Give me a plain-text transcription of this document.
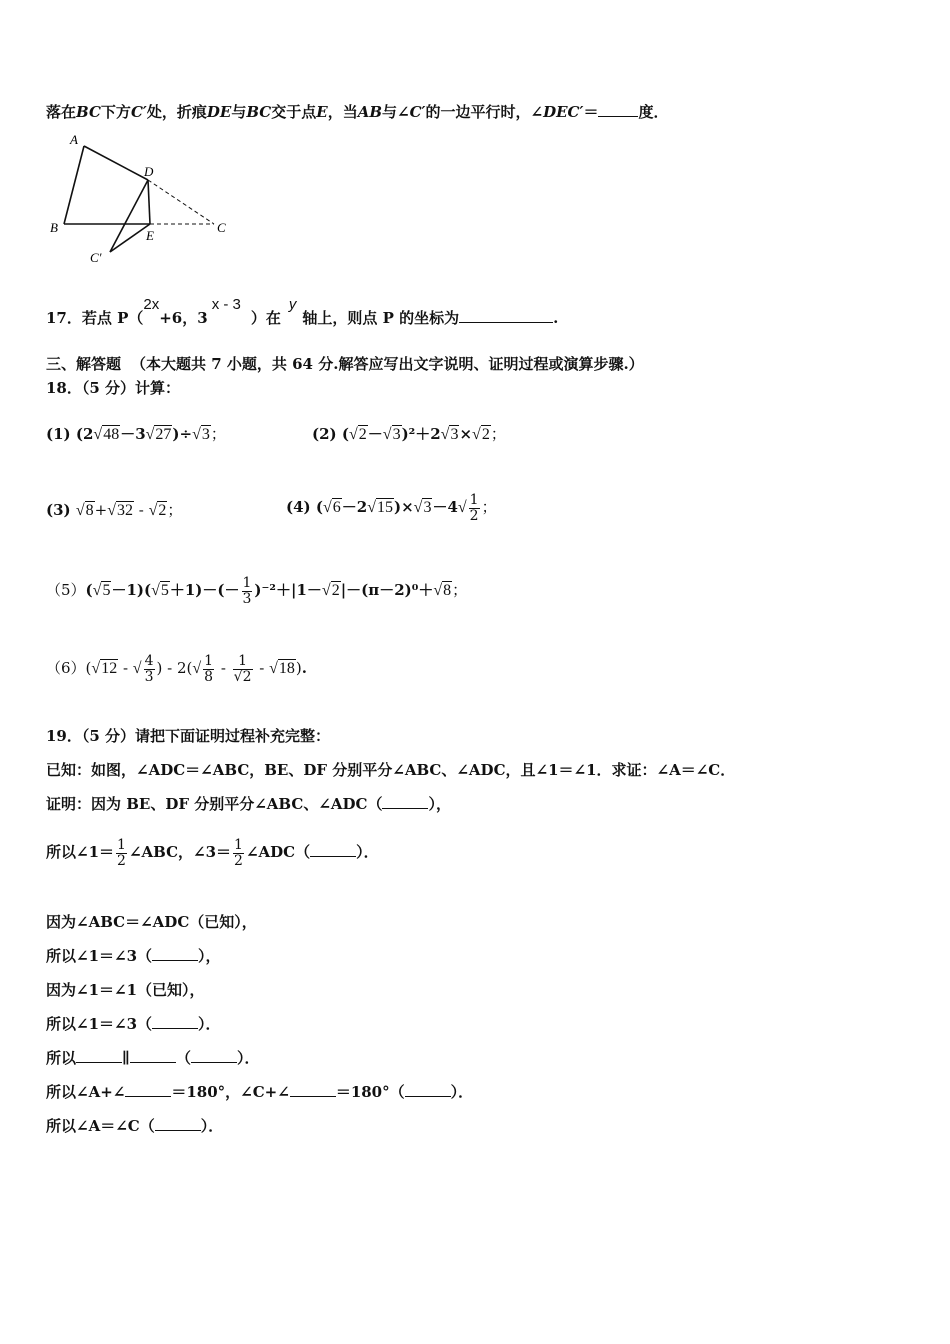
落在BC下方C′处，折痕DE与BC交于点E，当AB与∠C′的一边平行时，∠DEC′＝	度．
A
B	C
D
E
C′
17．若点 P（2x+6，3x - 3）在y轴上，则点 P 的坐标为	.
三、解答题 （本大题共 7 小题，共 64 分.解答应写出文字说明、证明过程或演算步骤.）
18．（5 分）计算：
(1) (2√48－3√27)÷√3；	(2) (√2－√3)²＋2√3×√2；
(3) √8+√32 - √2；	(4) $(√6-2√15)\times√3-4√ \frac{1}{2}$ ；
$(5)(√5-1)(√5+1)-(- \frac{1}{3} )^{-2}+|1-√2|-(\pi-2)^0+√8$；
（6）(√12 - √ $\frac{4}{3}$ ) - $2(√ \frac{1}{8} - \frac{1}{√2} - √18)$.
19．（5 分）请把下面证明过程补充完整：
已知：如图，∠ADC＝∠ABC，BE、DF 分别平分∠ABC、∠ADC，且∠1＝∠1．求证：∠A＝∠C．
证明：因为 BE、DF 分别平分∠ABC、∠ADC（	），
所以∠1＝ $\frac{1}{2}$ ∠ABC，∠3＝ $\frac{1}{2}$ ∠ADC（	）．
因为∠ABC＝∠ADC（已知），
所以∠1＝∠3（	），
因为∠1＝∠1（已知），
所以∠1＝∠3（	）．
所以	∥	（	）．
所以∠A+∠	＝180°，∠C+∠	＝180°（	）．
所以∠A＝∠C（	）．
